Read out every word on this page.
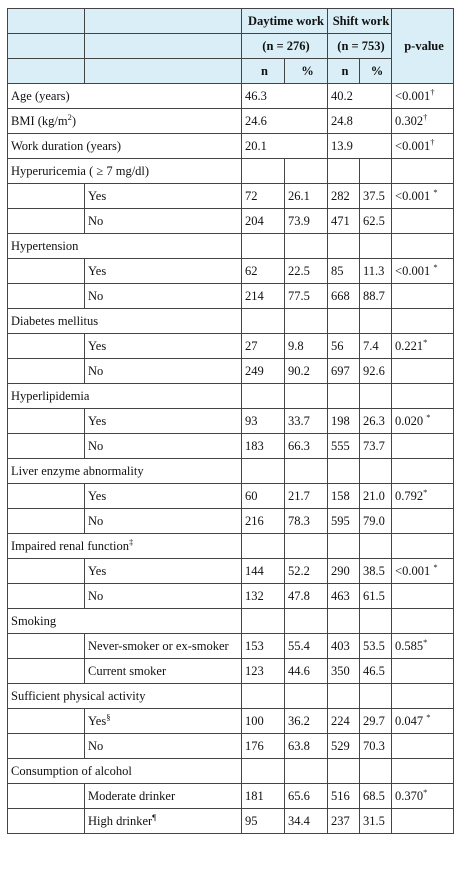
		Daytime work		Shift work		p-value
		(n = 276)		(n = 753)		
		n	%	n	%	
Age (years)		46.3		40.2		<0.001†
BMI $(kg/m^2)$		24.6		24.8		0.302†
Work duration (years)		20.1		13.9		<0.001†
Hyperuricemia ( ≥ 7 mg/dl)						
	Yes	72	26.1	282	37.5	<0.001 *
	No	204	73.9	471	62.5	
Hypertension						
	Yes	62	22.5	85	11.3	<0.001 *
	No	214	77.5	668	88.7	
Diabetes mellitus						
	Yes	27	9.8	56	7.4	0.221*
	No	249	90.2	697	92.6	
Hyperlipidemia						
	Yes	93	33.7	198	26.3	0.020 *
	No	183	66.3	555	73.7	
Liver enzyme abnormality						
	Yes	60	21.7	158	21.0	0.792*
	No	216	78.3	595	79.0	
Impaired renal function‡					
	Yes	144	52.2	290	38.5	<0.001 *
	No	132	47.8	463	61.5	
Smoking						
	Never-smoker or ex-smoker	153	55.4	403	53.5	0.585*
	Current smoker	123	44.6	350	46.5	
Sufficient physical activity						
	Yes§	100	36.2	224	29.7	0.047 *
	No	176	63.8	529	70.3	
Consumption of alcohol						
	Moderate drinker	181	65.6	516	68.5	0.370*
	High drinker¶	95	34.4	237	31.5	
